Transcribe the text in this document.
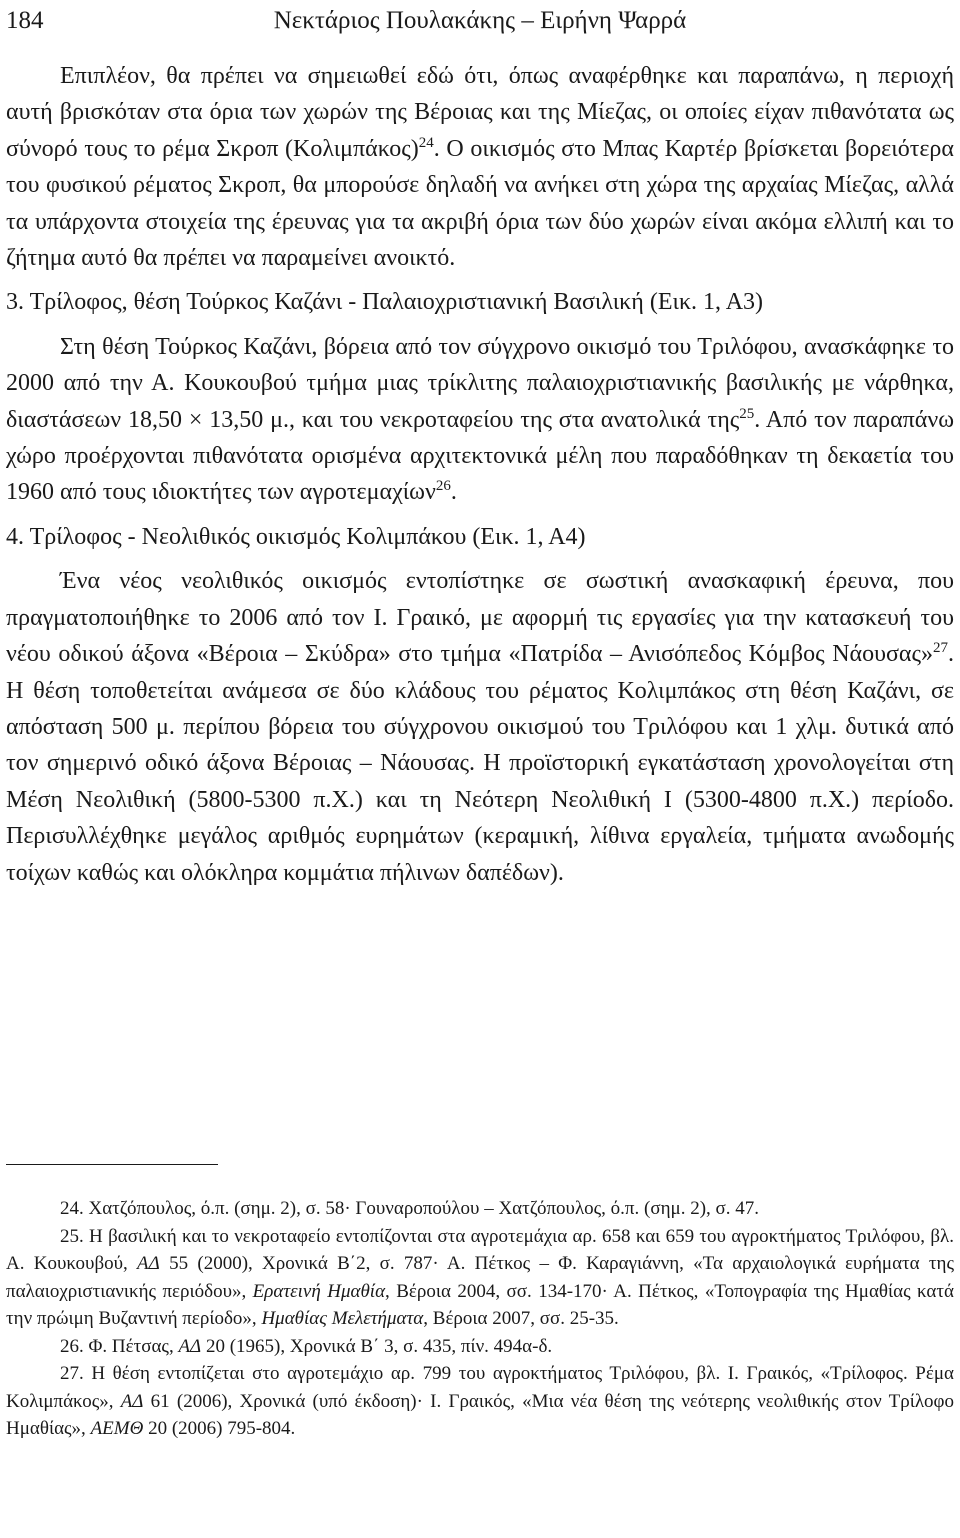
184	Νεκτάριος Πουλακάκης – Ειρήνη Ψαρρά

Επιπλέον, θα πρέπει να σημειωθεί εδώ ότι, όπως αναφέρθηκε και παραπάνω, η περιοχή αυτή βρισκόταν στα όρια των χωρών της Βέροιας και της Μίεζας, οι οποίες είχαν πιθανότατα ως σύνορό τους το ρέμα Σκροπ $(Ko\lambda\iota\mu\pi ά\kappa o\varsigma)^{24}$. Ο οικισμός στο Μπας Καρτέρ βρίσκεται βορειότερα του φυσικού ρέματος Σκροπ, θα μπορούσε δηλαδή να ανήκει στη χώρα της αρχαίας Μίεζας, αλλά τα υπάρχοντα στοιχεία της έρευνας για τα ακριβή όρια των δύο χωρών είναι ακόμα ελλιπή και το ζήτημα αυτό θα πρέπει να παραμείνει ανοικτό.

3. Τρίλοφος, θέση Τούρκος Καζάνι - Παλαιοχριστιανική Βασιλική (Εικ. 1, Α3)

Στη θέση Τούρκος Καζάνι, βόρεια από τον σύγχρονο οικισμό του Τριλόφου, ανασκάφηκε το 2000 από την Α. Κουκουβού τμήμα μιας τρίκλιτης παλαιοχριστιανικής βασιλικής με νάρθηκα, διαστάσεων 18,50 × 13,50 μ., και του νεκροταφείου της στα ανατολικά της$^{25}$. Από τον παραπάνω χώρο προέρχονται πιθανότατα ορισμένα αρχιτεκτονικά μέλη που παραδόθηκαν τη δεκαετία του 1960 από τους ιδιοκτήτες των αγροτεμαχίων$^{26}$.

4. Τρίλοφος - Νεολιθικός οικισμός Κολιμπάκου (Εικ. 1, Α4)

Ένα νέος νεολιθικός οικισμός εντοπίστηκε σε σωστική ανασκαφική έρευνα, που πραγματοποιήθηκε το 2006 από τον Ι. Γραικό, με αφορμή τις εργασίες για την κατασκευή του νέου οδικού άξονα «Βέροια – Σκύδρα» στο τμήμα «Πατρίδα – Ανισόπεδος Κόμβος Νάουσας»$^{27}$. Η θέση τοποθετείται ανάμεσα σε δύο κλάδους του ρέματος Κολιμπάκος στη θέση Καζάνι, σε απόσταση 500 μ. περίπου βόρεια του σύγχρονου οικισμού του Τριλόφου και 1 χλμ. δυτικά από τον σημερινό οδικό άξονα Βέροιας – Νάουσας. Η προϊστορική εγκατάσταση χρονολογείται στη Μέση Νεολιθική (5800-5300 π.Χ.) και τη Νεότερη Νεολιθική Ι (5300-4800 π.Χ.) περίοδο. Περισυλλέχθηκε μεγάλος αριθμός ευρημάτων (κεραμική, λίθινα εργαλεία, τμήματα ανωδομής τοίχων καθώς και ολόκληρα κομμάτια πήλινων δαπέδων).

24. Χατζόπουλος, ό.π. (σημ. 2), σ. 58· Γουναροπούλου – Χατζόπουλος, ό.π. (σημ. 2), σ. 47.

25. Η βασιλική και το νεκροταφείο εντοπίζονται στα αγροτεμάχια αρ. 658 και 659 του αγροκτήματος Τριλόφου, βλ. Α. Κουκουβού, ΑΔ 55 (2000), Χρονικά Β΄2, σ. 787· Α. Πέτκος – Φ. Καραγιάννη, «Τα αρχαιολογικά ευρήματα της παλαιοχριστιανικής περιόδου», Ερατεινή Ημαθία, Βέροια 2004, σσ. 134-170· Α. Πέτκος, «Τοπογραφία της Ημαθίας κατά την πρώιμη Βυζαντινή περίοδο», Ημαθίας Μελετήματα, Βέροια 2007, σσ. 25-35.

26. Φ. Πέτσας, ΑΔ 20 (1965), Χρονικά Β΄ 3, σ. 435, πίν. 494α-δ.

27. Η θέση εντοπίζεται στο αγροτεμάχιο αρ. 799 του αγροκτήματος Τριλόφου, βλ. Ι. Γραικός, «Τρίλοφος. Ρέμα Κολιμπάκος», ΑΔ 61 (2006), Χρονικά (υπό έκδοση)· Ι. Γραικός, «Μια νέα θέση της νεότερης νεολιθικής στον Τρίλοφο Ημαθίας», ΑΕΜΘ 20 (2006) 795-804.
